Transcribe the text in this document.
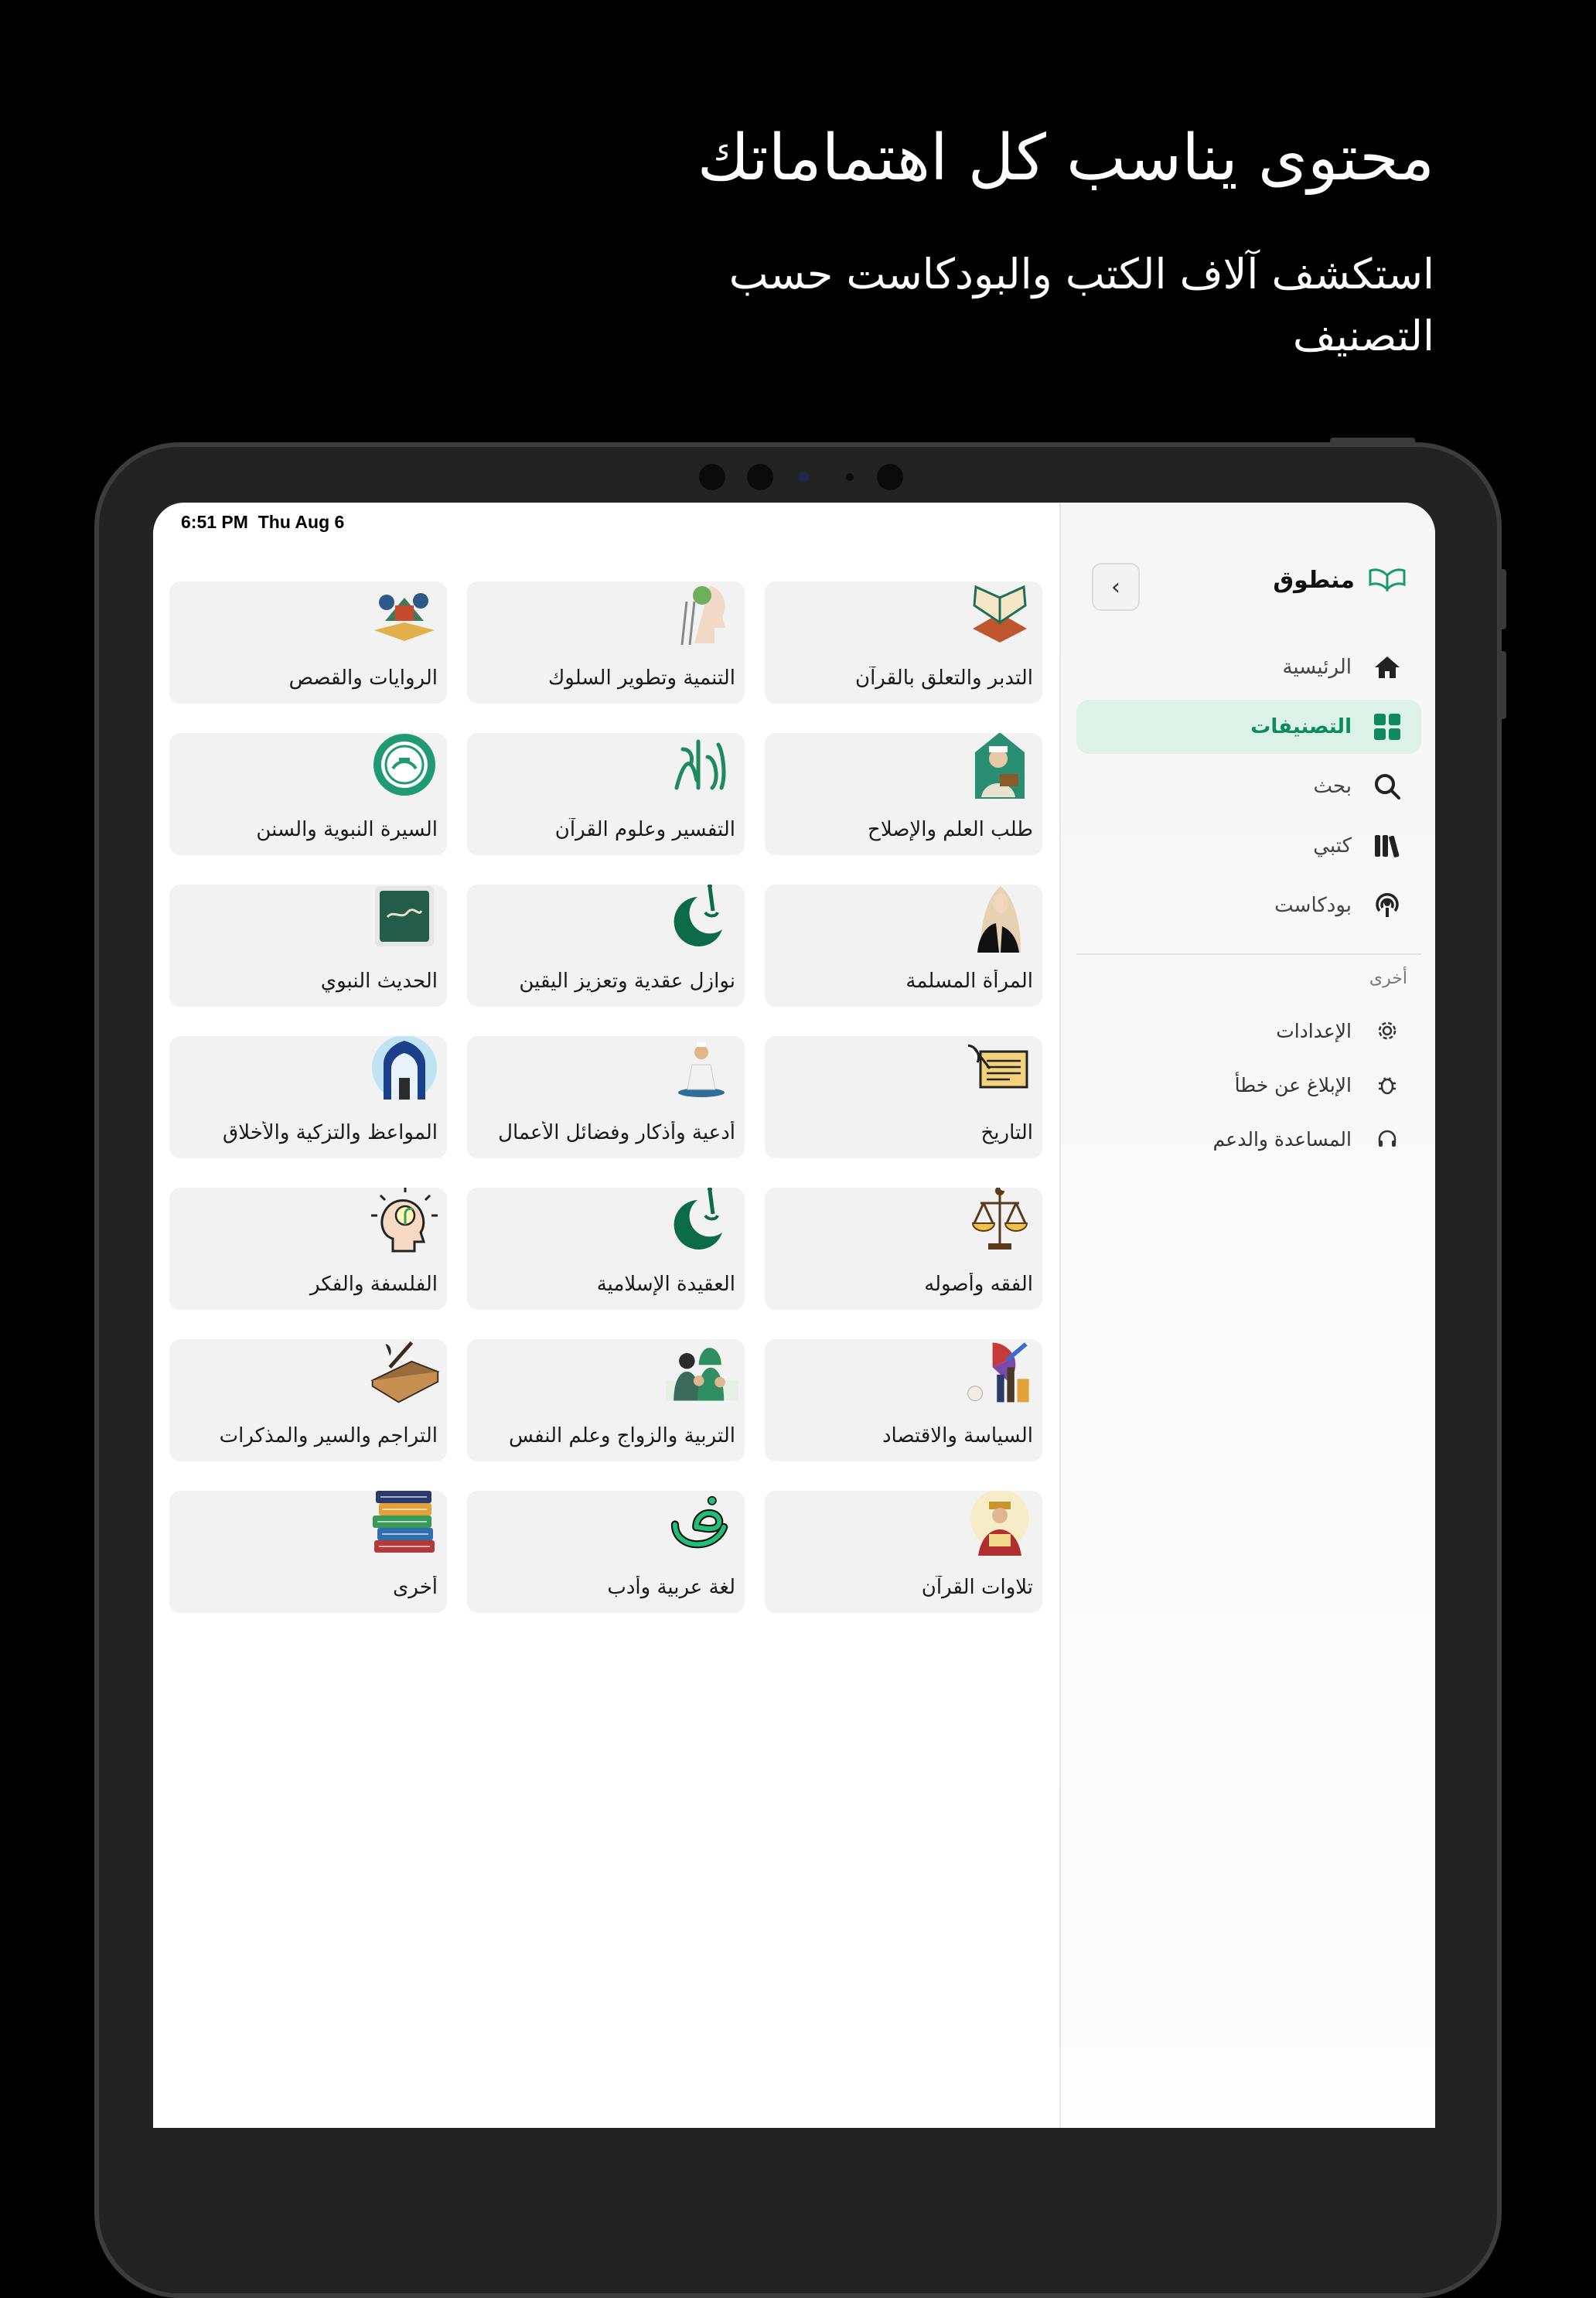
محتوى يناسب كل اهتماماتك

استكشف آلاف الكتب والبودكاست حسب التصنيف

6:51 PM Thu Aug 6
التدبر والتعلق بالقرآن
التنمية وتطوير السلوك
الروايات والقصص
طلب العلم والإصلاح
التفسير وعلوم القرآن
السيرة النبوية والسنن
المرأة المسلمة
نوازل عقدية وتعزيز اليقين
الحديث النبوي
التاريخ
أدعية وأذكار وفضائل الأعمال
المواعظ والتزكية والأخلاق
الفقه وأصوله
العقيدة الإسلامية
الفلسفة والفكر
السياسة والاقتصاد
التربية والزواج وعلم النفس
التراجم والسير والمذكرات
تلاوات القرآن
لغة عربية وأدب
أخرى
منطوق
›
الرئيسية
التصنيفات
بحث
كتبي
بودكاست
أخرى
الإعدادات
الإبلاغ عن خطأ
المساعدة والدعم
